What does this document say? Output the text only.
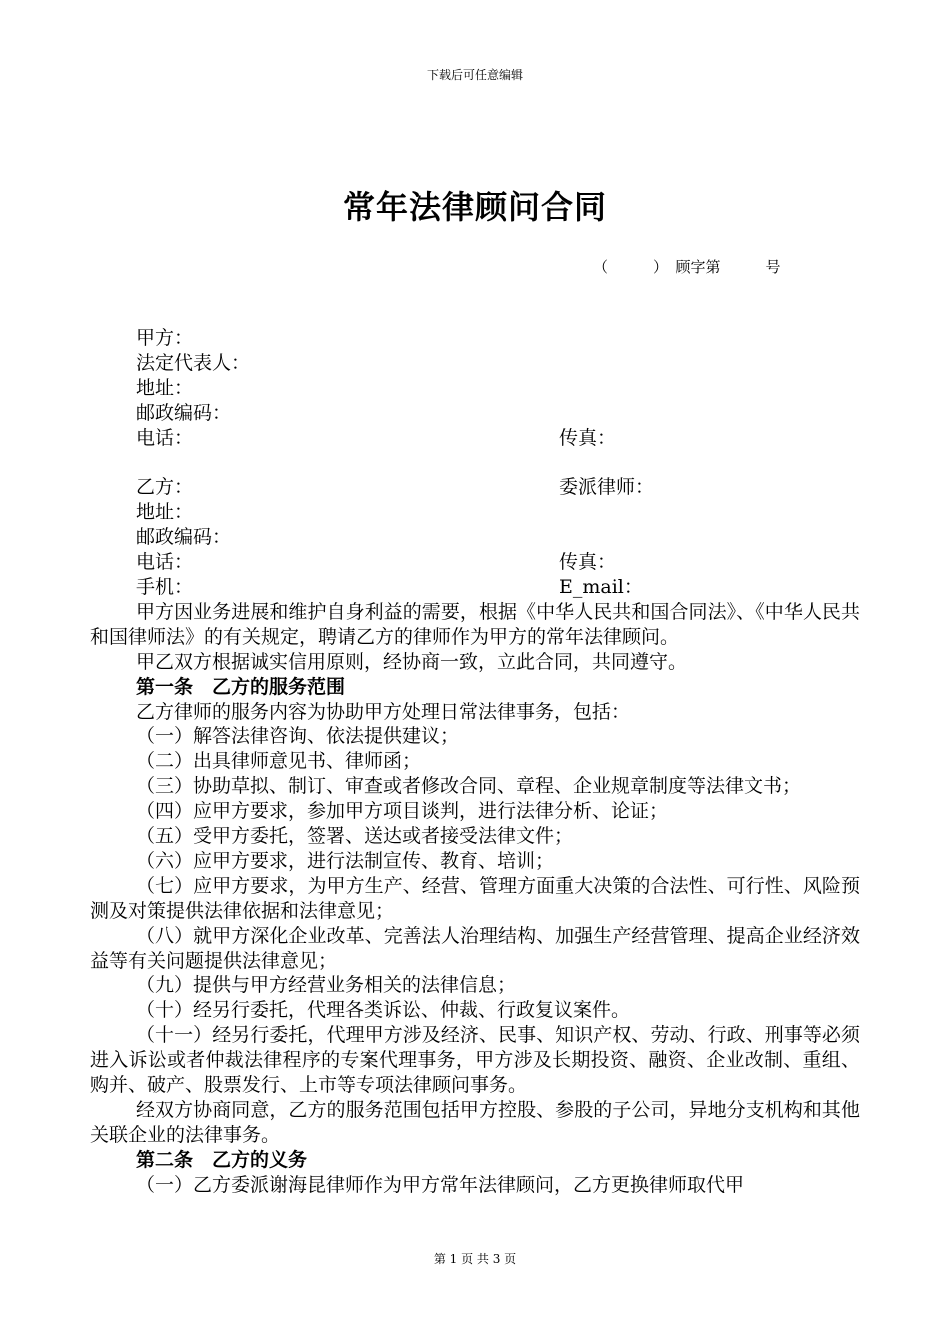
下载后可任意编辑
常年法律顾问合同
（　　　）　顾字第　　　号
甲方：
法定代表人：
地址：
邮政编码：
电话：	传真：
乙方：	委派律师：
地址：
邮政编码：
电话：	传真：
手机：	E_mail：
甲方因业务进展和维护自身利益的需要，根据《中华人民共和国合同法》、《中华人民共和国律师法》的有关规定，聘请乙方的律师作为甲方的常年法律顾问。
甲乙双方根据诚实信用原则，经协商一致，立此合同，共同遵守。
第一条　乙方的服务范围
乙方律师的服务内容为协助甲方处理日常法律事务，包括：
（一）解答法律咨询、依法提供建议；
（二）出具律师意见书、律师函；
（三）协助草拟、制订、审查或者修改合同、章程、企业规章制度等法律文书；
（四）应甲方要求，参加甲方项目谈判，进行法律分析、论证；
（五）受甲方委托，签署、送达或者接受法律文件；
（六）应甲方要求，进行法制宣传、教育、培训；
（七）应甲方要求，为甲方生产、经营、管理方面重大决策的合法性、可行性、风险预测及对策提供法律依据和法律意见；
（八）就甲方深化企业改革、完善法人治理结构、加强生产经营管理、提高企业经济效益等有关问题提供法律意见；
（九）提供与甲方经营业务相关的法律信息；
（十）经另行委托，代理各类诉讼、仲裁、行政复议案件。
（十一）经另行委托，代理甲方涉及经济、民事、知识产权、劳动、行政、刑事等必须进入诉讼或者仲裁法律程序的专案代理事务，甲方涉及长期投资、融资、企业改制、重组、购并、破产、股票发行、上市等专项法律顾问事务。
经双方协商同意，乙方的服务范围包括甲方控股、参股的子公司，异地分支机构和其他关联企业的法律事务。
第二条　乙方的义务
（一）乙方委派谢海昆律师作为甲方常年法律顾问，乙方更换律师取代甲
第 1 页 共 3 页
